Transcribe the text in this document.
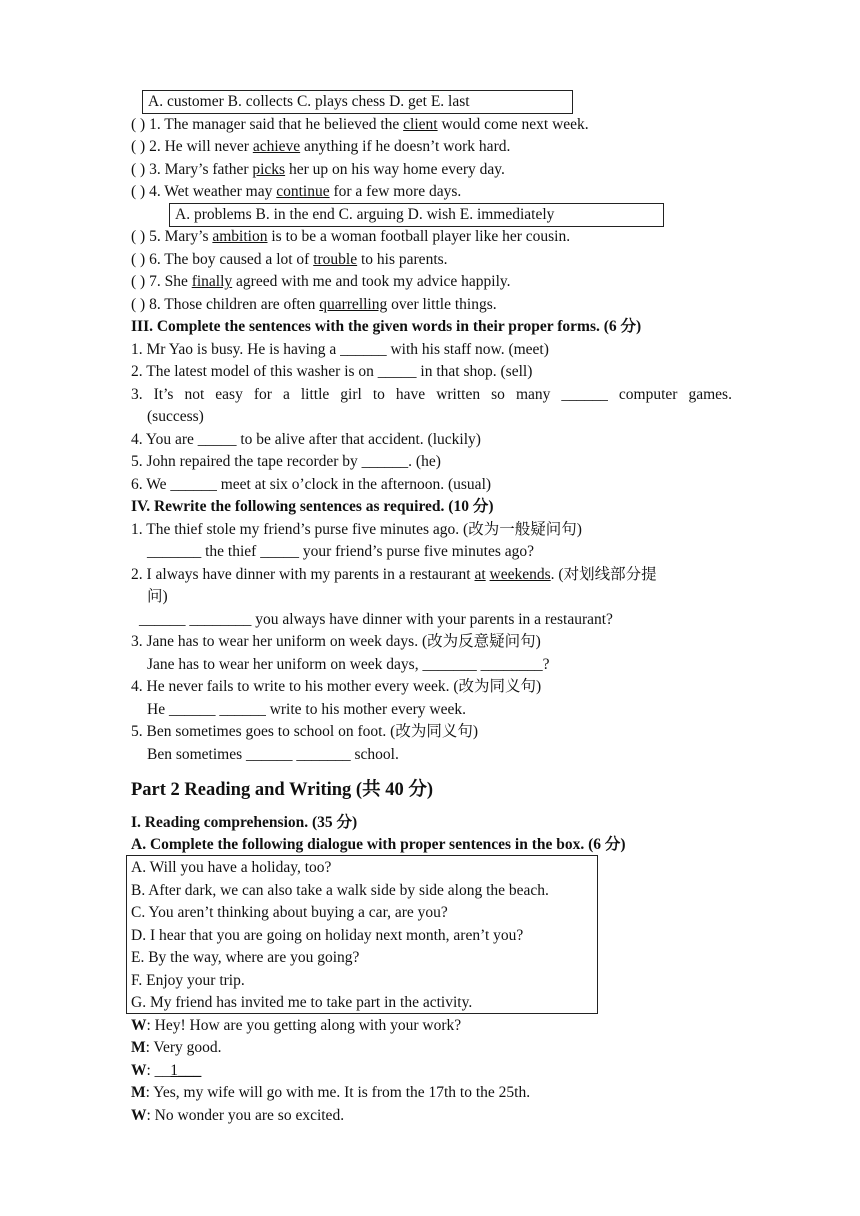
A. customer B. collects C. plays chess D. get E. last
( ) 1. The manager said that he believed the client would come next week.
( ) 2. He will never achieve anything if he doesn’t work hard.
( ) 3. Mary’s father picks her up on his way home every day.
( ) 4. Wet weather may continue for a few more days.
A. problems B. in the end C. arguing D. wish E. immediately
( ) 5. Mary’s ambition is to be a woman football player like her cousin.
( ) 6. The boy caused a lot of trouble to his parents.
( ) 7. She finally agreed with me and took my advice happily.
( ) 8. Those children are often quarrelling over little things.
III. Complete the sentences with the given words in their proper forms. (6 分)
1. Mr Yao is busy. He is having a ______ with his staff now. (meet)
2. The latest model of this washer is on _____ in that shop. (sell)
3. It’s not easy for a little girl to have written so many ______ computer games.
(success)
4. You are _____ to be alive after that accident. (luckily)
5. John repaired the tape recorder by ______. (he)
6. We ______ meet at six o’clock in the afternoon. (usual)
IV. Rewrite the following sentences as required. (10 分)
1. The thief stole my friend’s purse five minutes ago. (改为一般疑问句)
_______ the thief _____ your friend’s purse five minutes ago?
2. I always have dinner with my parents in a restaurant at weekends. (对划线部分提
问)
______ ________ you always have dinner with your parents in a restaurant?
3. Jane has to wear her uniform on week days. (改为反意疑问句)
Jane has to wear her uniform on week days, _______ ________?
4. He never fails to write to his mother every week. (改为同义句)
He ______ ______ write to his mother every week.
5. Ben sometimes goes to school on foot. (改为同义句)
Ben sometimes ______ _______ school.
Part 2 Reading and Writing (共 40 分)
I. Reading comprehension. (35 分)
A. Complete the following dialogue with proper sentences in the box. (6 分)
A. Will you have a holiday, too?
B. After dark, we can also take a walk side by side along the beach.
C. You aren’t thinking about buying a car, are you?
D. I hear that you are going on holiday next month, aren’t you?
E. By the way, where are you going?
F. Enjoy your trip.
G. My friend has invited me to take part in the activity.
W: Hey! How are you getting along with your work?
M: Very good.
W: __1___
M: Yes, my wife will go with me. It is from the 17th to the 25th.
W: No wonder you are so excited.
